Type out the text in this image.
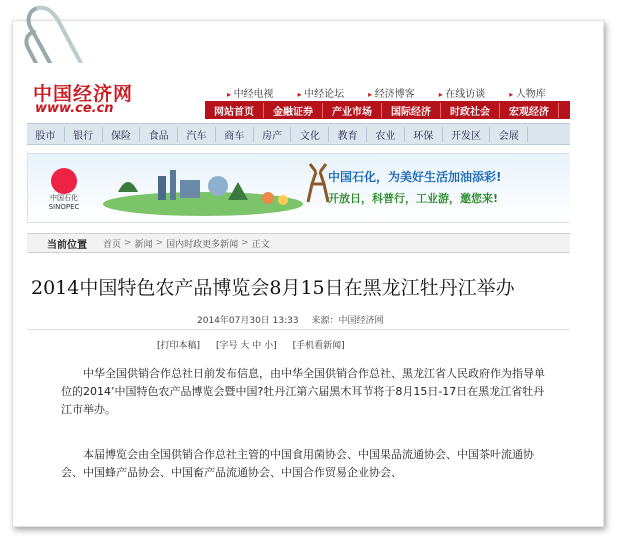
中国经济网
www.ce.cn
▸ 中经电视	▸ 中经论坛	▸ 经济博客	▸ 在线访谈	▸ 人物库
网站首页	金融证券	产业市场	国际经济	时政社会	宏观经济
股市	银行	保险	食品	汽车	商车	房产	文化	教育	农业	环保	开发区	会展
中国石化
SINOPEC
中国石化，为美好生活加油添彩!
开放日，科普行，工业游，邀您来!
当前位置	首页 > 新闻 > 国内时政更多新闻 > 正文
2014中国特色农产品博览会8月15日在黑龙江牡丹江举办
2014年07月30日 13:33 来源：中国经济网
[打印本稿] [字号 大 中 小] [手机看新闻]
中华全国供销合作总社日前发布信息，由中华全国供销合作总社、黑龙江省人民政府作为指导单位的2014’中国特色农产品博览会暨中国?牡丹江第六届黑木耳节将于8月15日-17日在黑龙江省牡丹江市举办。
本届博览会由全国供销合作总社主管的中国食用菌协会、中国果品流通协会、中国茶叶流通协会、中国蜂产品协会、中国畜产品流通协会、中国合作贸易企业协会、
